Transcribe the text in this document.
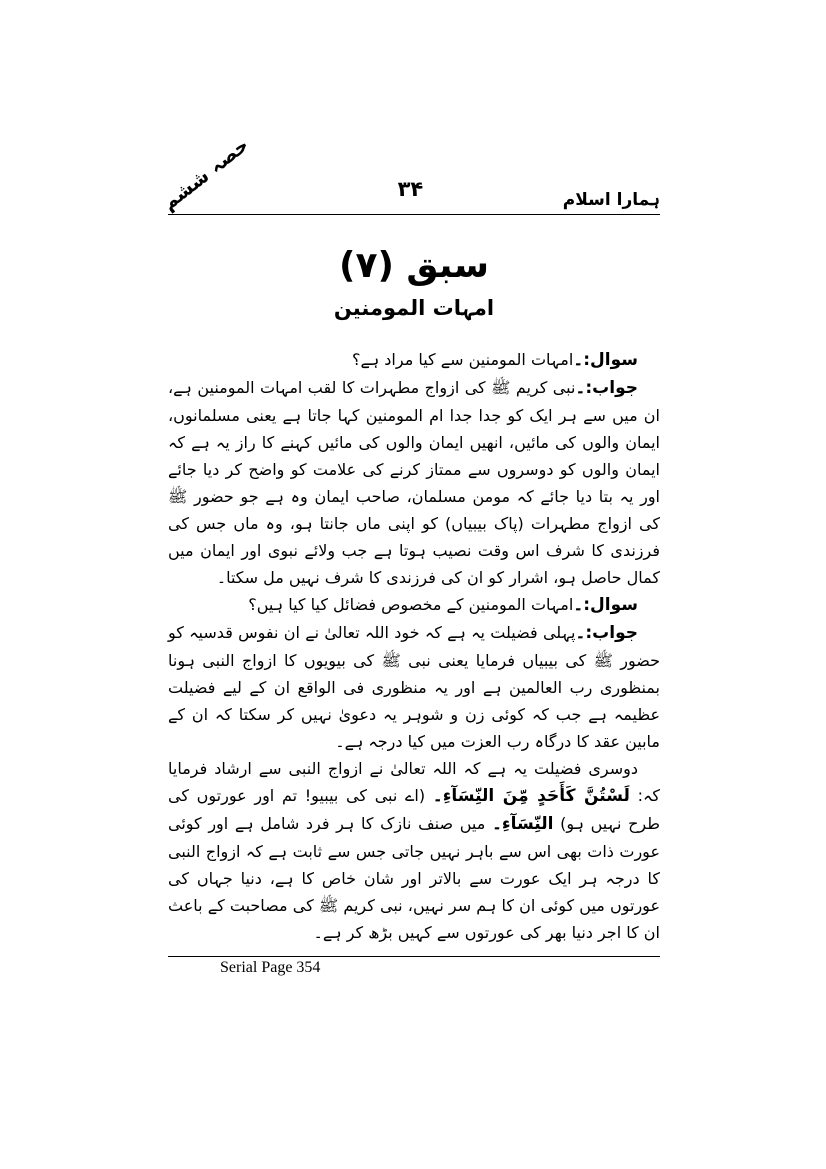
حصہ ششم	۳۴	ہمارا اسلام
سبق (۷)
امہات المومنین

سوال:۔امہات المومنین سے کیا مراد ہے؟

جواب:۔نبی کریم ﷺ کی ازواج مطہرات کا لقب امہات المومنین ہے، ان میں سے ہر ایک کو جدا جدا ام المومنین کہا جاتا ہے یعنی مسلمانوں، ایمان والوں کی مائیں، انھیں ایمان والوں کی مائیں کہنے کا راز یہ ہے کہ ایمان والوں کو دوسروں سے ممتاز کرنے کی علامت کو واضح کر دیا جائے اور یہ بتا دیا جائے کہ مومن مسلمان، صاحب ایمان وہ ہے جو حضور ﷺ کی ازواج مطہرات (پاک بیبیاں) کو اپنی ماں جانتا ہو، وہ ماں جس کی فرزندی کا شرف اس وقت نصیب ہوتا ہے جب ولائے نبوی اور ایمان میں کمال حاصل ہو، اشرار کو ان کی فرزندی کا شرف نہیں مل سکتا۔

سوال:۔امہات المومنین کے مخصوص فضائل کیا کیا ہیں؟

جواب:۔پہلی فضیلت یہ ہے کہ خود اللہ تعالیٰ نے ان نفوس قدسیہ کو حضور ﷺ کی بیبیاں فرمایا یعنی نبی ﷺ کی بیویوں کا ازواج النبی ہونا بمنظوری رب العالمین ہے اور یہ منظوری فی الواقع ان کے لیے فضیلت عظیمہ ہے جب کہ کوئی زن و شوہر یہ دعویٰ نہیں کر سکتا کہ ان کے مابین عقد کا درگاہ رب العزت میں کیا درجہ ہے۔

دوسری فضیلت یہ ہے کہ اللہ تعالیٰ نے ازواج النبی سے ارشاد فرمایا کہ: لَسْتُنَّ كَأَحَدٍ مِّنَ النِّسَآءِ۔ (اے نبی کی بیبیو! تم اور عورتوں کی طرح نہیں ہو) النِّسَآءِ۔ میں صنف نازک کا ہر فرد شامل ہے اور کوئی عورت ذات بھی اس سے باہر نہیں جاتی جس سے ثابت ہے کہ ازواج النبی کا درجہ ہر ایک عورت سے بالاتر اور شان خاص کا ہے، دنیا جہاں کی عورتوں میں کوئی ان کا ہم سر نہیں، نبی کریم ﷺ کی مصاحبت کے باعث ان کا اجر دنیا بھر کی عورتوں سے کہیں بڑھ کر ہے۔

Serial Page 354
